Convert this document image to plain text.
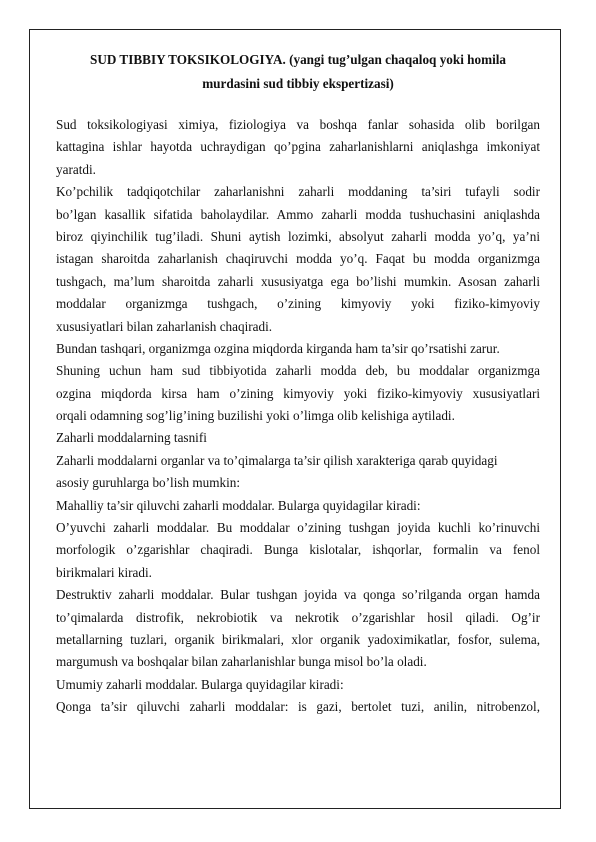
SUD TIBBIY TOKSIKOLOGIYA. (yangi tug’ulgan chaqaloq yoki homila
murdasini sud tibbiy ekspertizasi)
Sud toksikologiyasi ximiya, fiziologiya va boshqa fanlar sohasida olib borilgan
kattagina ishlar hayotda uchraydigan qo’pgina zaharlanishlarni aniqlashga imkoniyat
yaratdi.
Ko’pchilik tadqiqotchilar zaharlanishni zaharli moddaning ta’siri tufayli sodir
bo’lgan kasallik sifatida baholaydilar. Ammo zaharli modda tushuchasini aniqlashda
biroz qiyinchilik tug’iladi. Shuni aytish lozimki, absolyut zaharli modda yo’q, ya’ni
istagan sharoitda zaharlanish chaqiruvchi modda yo’q. Faqat bu modda organizmga
tushgach, ma’lum sharoitda zaharli xususiyatga ega bo’lishi mumkin. Asosan zaharli
moddalar organizmga tushgach, o’zining kimyoviy yoki fiziko-kimyoviy
xususiyatlari bilan zaharlanish chaqiradi.
Bundan tashqari, organizmga ozgina miqdorda kirganda ham ta’sir qo’rsatishi zarur.
Shuning uchun ham sud tibbiyotida zaharli modda deb, bu moddalar organizmga
ozgina miqdorda kirsa ham o’zining kimyoviy yoki fiziko-kimyoviy xususiyatlari
orqali odamning sog’lig’ining buzilishi yoki o’limga olib kelishiga aytiladi.
Zaharli moddalarning tasnifi
Zaharli moddalarni organlar va to’qimalarga ta’sir qilish xarakteriga qarab quyidagi
asosiy guruhlarga bo’lish mumkin:
Mahalliy ta’sir qiluvchi zaharli moddalar. Bularga quyidagilar kiradi:
O’yuvchi zaharli moddalar. Bu moddalar o’zining tushgan joyida kuchli ko’rinuvchi
morfologik o’zgarishlar chaqiradi. Bunga kislotalar, ishqorlar, formalin va fenol
birikmalari kiradi.
Destruktiv zaharli moddalar. Bular tushgan joyida va qonga so’rilganda organ hamda
to’qimalarda distrofik, nekrobiotik va nekrotik o’zgarishlar hosil qiladi. Og’ir
metallarning tuzlari, organik birikmalari, xlor organik yadoximikatlar, fosfor, sulema,
margumush va boshqalar bilan zaharlanishlar bunga misol bo’la oladi.
Umumiy zaharli moddalar. Bularga quyidagilar kiradi:
Qonga ta’sir qiluvchi zaharli moddalar: is gazi, bertolet tuzi, anilin, nitrobenzol,
